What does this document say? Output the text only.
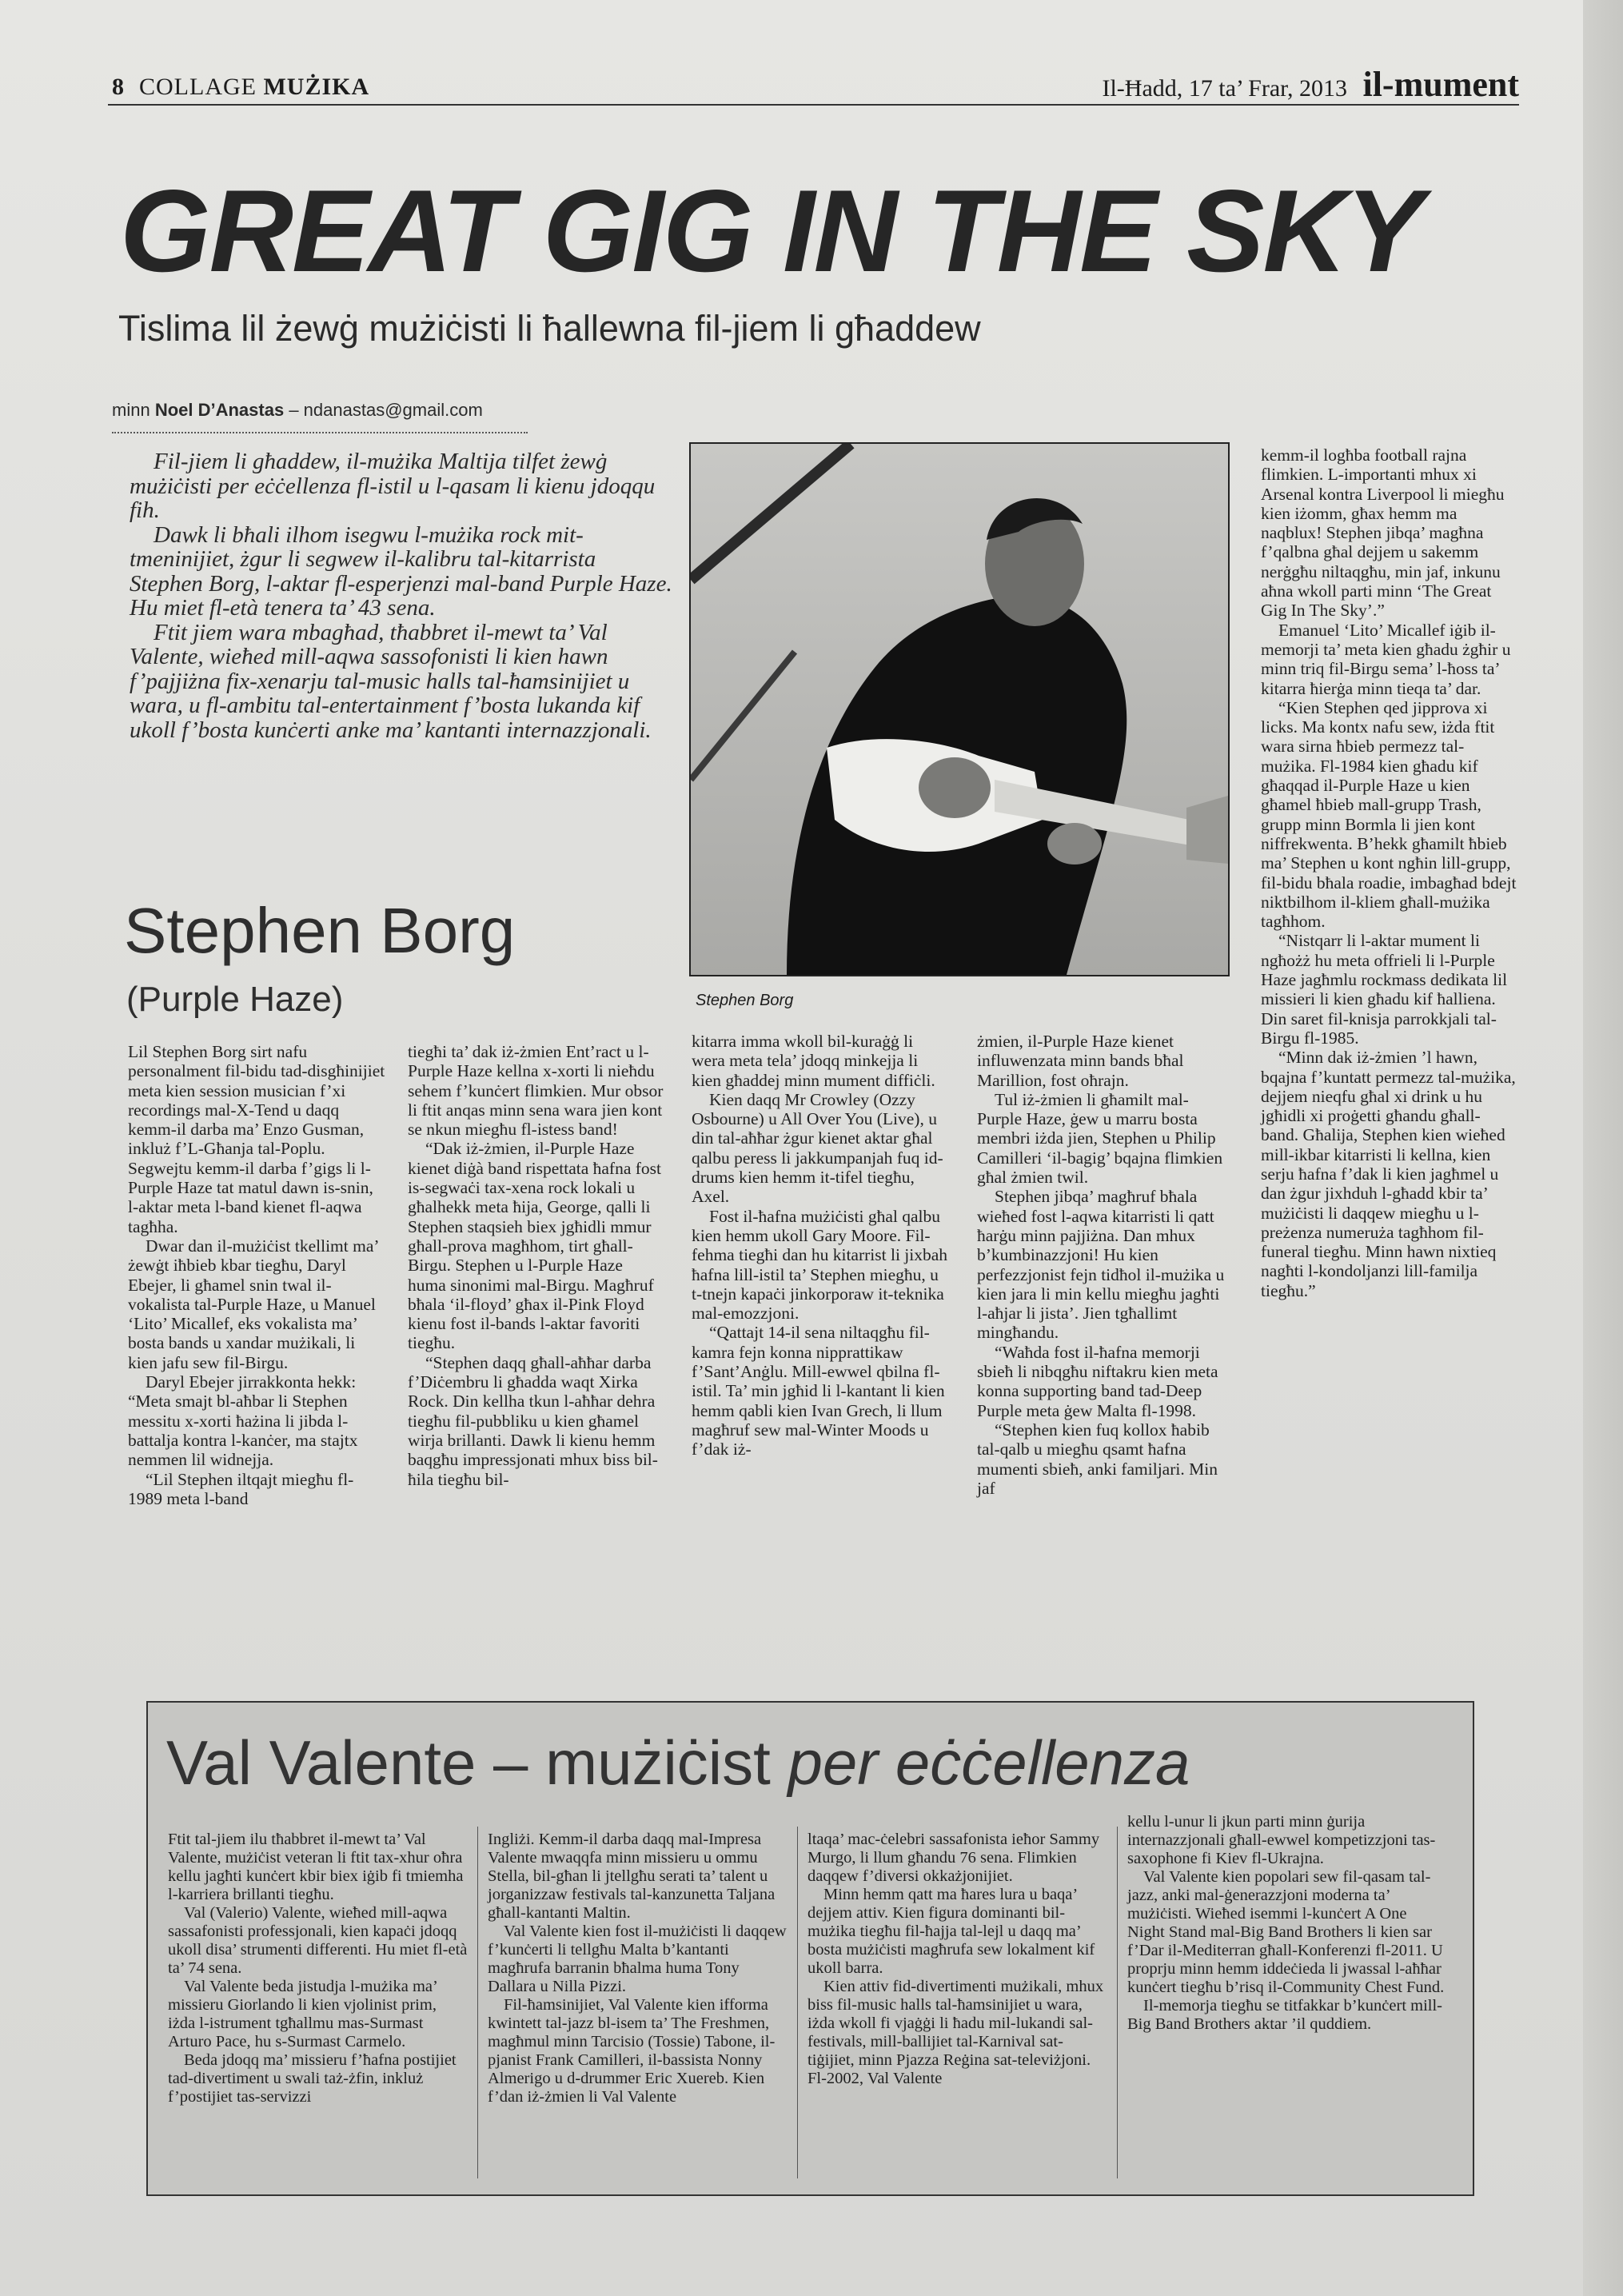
8 COLLAGE MUŻIKA	Il-Ħadd, 17 ta’ Frar, 2013 il-mument
GREAT GIG IN THE SKY
Tislima lil żewġ mużiċisti li ħallewna fil-jiem li għaddew
minn Noel D’Anastas – ndanastas@gmail.com

Fil-jiem li għaddew, il-mużika Maltija tilfet żewġ mużiċisti per eċċellenza fl-istil u l-qasam li kienu jdoqqu fih.

Dawk li bħali ilhom isegwu l-mużika rock mit-tmeninijiet, żgur li segwew il-kalibru tal-kitarrista Stephen Borg, l-aktar fl-esperjenzi mal-band Purple Haze. Hu miet fl-età tenera ta’ 43 sena.

Ftit jiem wara mbagħad, tħabbret il-mewt ta’ Val Valente, wieħed mill-aqwa sassofonisti li kien hawn f’pajjiżna fix-xenarju tal-music halls tal-ħamsinijiet u wara, u fl-ambitu tal-entertainment f’bosta lukanda kif ukoll f’bosta kunċerti anke ma’ kantanti internazzjonali.

Stephen Borg
(Purple Haze)	Stephen Borg

Lil Stephen Borg sirt nafu personalment fil-bidu tad-disgħinijiet meta kien session musician f’xi recordings mal-X-Tend u daqq kemm-il darba ma’ Enzo Gusman, inkluż f’L-Għanja tal-Poplu. Segwejtu kemm-il darba f’gigs li l-Purple Haze tat matul dawn is-snin, l-aktar meta l-band kienet fl-aqwa tagħha.

Dwar dan il-mużiċist tkellimt ma’ żewġt iħbieb kbar tiegħu, Daryl Ebejer, li għamel snin twal il-vokalista tal-Purple Haze, u Manuel ‘Lito’ Micallef, eks vokalista ma’ bosta bands u xandar mużikali, li kien jafu sew fil-Birgu.

Daryl Ebejer jirrakkonta hekk: “Meta smajt bl-aħbar li Stephen messitu x-xorti ħażina li jibda l-battalja kontra l-kanċer, ma stajtx nemmen lil widnejja.

“Lil Stephen iltqajt miegħu fl-1989 meta l-band

tiegħi ta’ dak iż-żmien Ent’ract u l-Purple Haze kellna x-xorti li nieħdu sehem f’kunċert flimkien. Mur obsor li ftit anqas minn sena wara jien kont se nkun miegħu fl-istess band!

“Dak iż-żmien, il-Purple Haze kienet diġà band rispettata ħafna fost is-segwaċi tax-xena rock lokali u għalhekk meta ħija, George, qalli li Stephen staqsieh biex jgħidli mmur għall-prova magħhom, tirt għall-Birgu. Stephen u l-Purple Haze huma sinonimi mal-Birgu. Magħruf bħala ‘il-floyd’ għax il-Pink Floyd kienu fost il-bands l-aktar favoriti tiegħu.

“Stephen daqq għall-aħħar darba f’Diċembru li għadda waqt Xirka Rock. Din kellha tkun l-aħħar dehra tiegħu fil-pubbliku u kien għamel wirja brillanti. Dawk li kienu hemm baqgħu impressjonati mhux biss bil-ħila tiegħu bil-

kitarra imma wkoll bil-kuraġġ li wera meta tela’ jdoqq minkejja li kien għaddej minn mument diffiċli.

Kien daqq Mr Crowley (Ozzy Osbourne) u All Over You (Live), u din tal-aħħar żgur kienet aktar għal qalbu peress li jakkumpanjah fuq id-drums kien hemm it-tifel tiegħu, Axel.

Fost il-ħafna mużiċisti għal qalbu kien hemm ukoll Gary Moore. Fil-fehma tiegħi dan hu kitarrist li jixbah ħafna lill-istil ta’ Stephen miegħu, u t-tnejn kapaċi jinkorporaw it-teknika mal-emozzjoni.

“Qattajt 14-il sena niltaqgħu fil-kamra fejn konna nipprattikaw f’Sant’Anġlu. Mill-ewwel qbilna fl-istil. Ta’ min jgħid li l-kantant li kien hemm qabli kien Ivan Grech, li llum magħruf sew mal-Winter Moods u f’dak iż-

żmien, il-Purple Haze kienet influwenzata minn bands bħal Marillion, fost oħrajn.

Tul iż-żmien li għamilt mal-Purple Haze, ġew u marru bosta membri iżda jien, Stephen u Philip Camilleri ‘il-bagig’ bqajna flimkien għal żmien twil.

Stephen jibqa’ magħruf bħala wieħed fost l-aqwa kitarristi li qatt ħarġu minn pajjiżna. Dan mhux b’kumbinazzjoni! Hu kien perfezzjonist fejn tidħol il-mużika u kien jara li min kellu miegħu jagħti l-aħjar li jista’. Jien tgħallimt mingħandu.

“Waħda fost il-ħafna memorji sbieħ li nibqgħu niftakru kien meta konna supporting band tad-Deep Purple meta ġew Malta fl-1998.

“Stephen kien fuq kollox ħabib tal-qalb u miegħu qsamt ħafna mumenti sbieħ, anki familjari. Min jaf

kemm-il logħba football rajna flimkien. L-importanti mhux xi Arsenal kontra Liverpool li miegħu kien iżomm, għax hemm ma naqblux! Stephen jibqa’ magħna f’qalbna għal dejjem u sakemm nerġgħu niltaqgħu, min jaf, inkunu aħna wkoll parti minn ‘The Great Gig In The Sky’.”

Emanuel ‘Lito’ Micallef iġib il-memorji ta’ meta kien għadu żgħir u minn triq fil-Birgu sema’ l-ħoss ta’ kitarra ħierġa minn tieqa ta’ dar.

“Kien Stephen qed jipprova xi licks. Ma kontx nafu sew, iżda ftit wara sirna ħbieb permezz tal-mużika. Fl-1984 kien għadu kif għaqqad il-Purple Haze u kien għamel ħbieb mall-grupp Trash, grupp minn Bormla li jien kont niffrekwenta. B’hekk għamilt ħbieb ma’ Stephen u kont ngħin lill-grupp, fil-bidu bħala roadie, imbagħad bdejt niktbilhom il-kliem għall-mużika tagħhom.

“Nistqarr li l-aktar mument li ngħożż hu meta offrieli li l-Purple Haze jagħmlu rockmass dedikata lil missieri li kien għadu kif ħalliena. Din saret fil-knisja parrokkjali tal-Birgu fl-1985.

“Minn dak iż-żmien ’l hawn, bqajna f’kuntatt permezz tal-mużika, dejjem nieqfu għal xi drink u hu jgħidli xi proġetti għandu għall-band. Għalija, Stephen kien wieħed mill-ikbar kitarristi li kellna, kien serju ħafna f’dak li kien jagħmel u dan żgur jixhduh l-għadd kbir ta’ mużiċisti li daqqew miegħu u l-preżenza numeruża tagħhom fil-funeral tiegħu. Minn hawn nixtieq nagħti l-kondoljanzi lill-familja tiegħu.”

Val Valente – mużiċist per eċċellenza

Ftit tal-jiem ilu tħabbret il-mewt ta’ Val Valente, mużiċist veteran li ftit tax-xhur oħra kellu jagħti kunċert kbir biex iġib fi tmiemha l-karriera brillanti tiegħu.

Val (Valerio) Valente, wieħed mill-aqwa sassafonisti professjonali, kien kapaċi jdoqq ukoll disa’ strumenti differenti. Hu miet fl-età ta’ 74 sena.

Val Valente beda jistudja l-mużika ma’ missieru Giorlando li kien vjolinist prim, iżda l-istrument tgħallmu mas-Surmast Arturo Pace, hu s-Surmast Carmelo.

Beda jdoqq ma’ missieru f’ħafna postijiet tad-divertiment u swali taż-żfin, inkluż f’postijiet tas-servizzi

Ingliżi. Kemm-il darba daqq mal-Impresa Valente mwaqqfa minn missieru u ommu Stella, bil-għan li jtellgħu serati ta’ talent u jorganizzaw festivals tal-kanzunetta Taljana għall-kantanti Maltin.

Val Valente kien fost il-mużiċisti li daqqew f’kunċerti li tellgħu Malta b’kantanti magħrufa barranin bħalma huma Tony Dallara u Nilla Pizzi.

Fil-ħamsinijiet, Val Valente kien ifforma kwintett tal-jazz bl-isem ta’ The Freshmen, magħmul minn Tarcisio (Tossie) Tabone, il-pjanist Frank Camilleri, il-bassista Nonny Almerigo u d-drummer Eric Xuereb. Kien f’dan iż-żmien li Val Valente

ltaqa’ mac-ċelebri sassafonista ieħor Sammy Murgo, li llum għandu 76 sena. Flimkien daqqew f’diversi okkażjonijiet.

Minn hemm qatt ma ħares lura u baqa’ dejjem attiv. Kien figura dominanti bil-mużika tiegħu fil-ħajja tal-lejl u daqq ma’ bosta mużiċisti magħrufa sew lokalment kif ukoll barra.

Kien attiv fid-divertimenti mużikali, mhux biss fil-music halls tal-ħamsinijiet u wara, iżda wkoll fi vjaġġi li ħadu mil-lukandi sal-festivals, mill-ballijiet tal-Karnival sat-tiġijiet, minn Pjazza Reġina sat-televiżjoni. Fl-2002, Val Valente

kellu l-unur li jkun parti minn ġurija internazzjonali għall-ewwel kompetizzjoni tas-saxophone fi Kiev fl-Ukrajna.

Val Valente kien popolari sew fil-qasam tal-jazz, anki mal-ġenerazzjoni moderna ta’ mużiċisti. Wieħed isemmi l-kunċert A One Night Stand mal-Big Band Brothers li kien sar f’Dar il-Mediterran għall-Konferenzi fl-2011. U proprju minn hemm iddeċieda li jwassal l-aħħar kunċert tiegħu b’risq il-Community Chest Fund.

Il-memorja tiegħu se titfakkar b’kunċert mill-Big Band Brothers aktar ’il quddiem.
